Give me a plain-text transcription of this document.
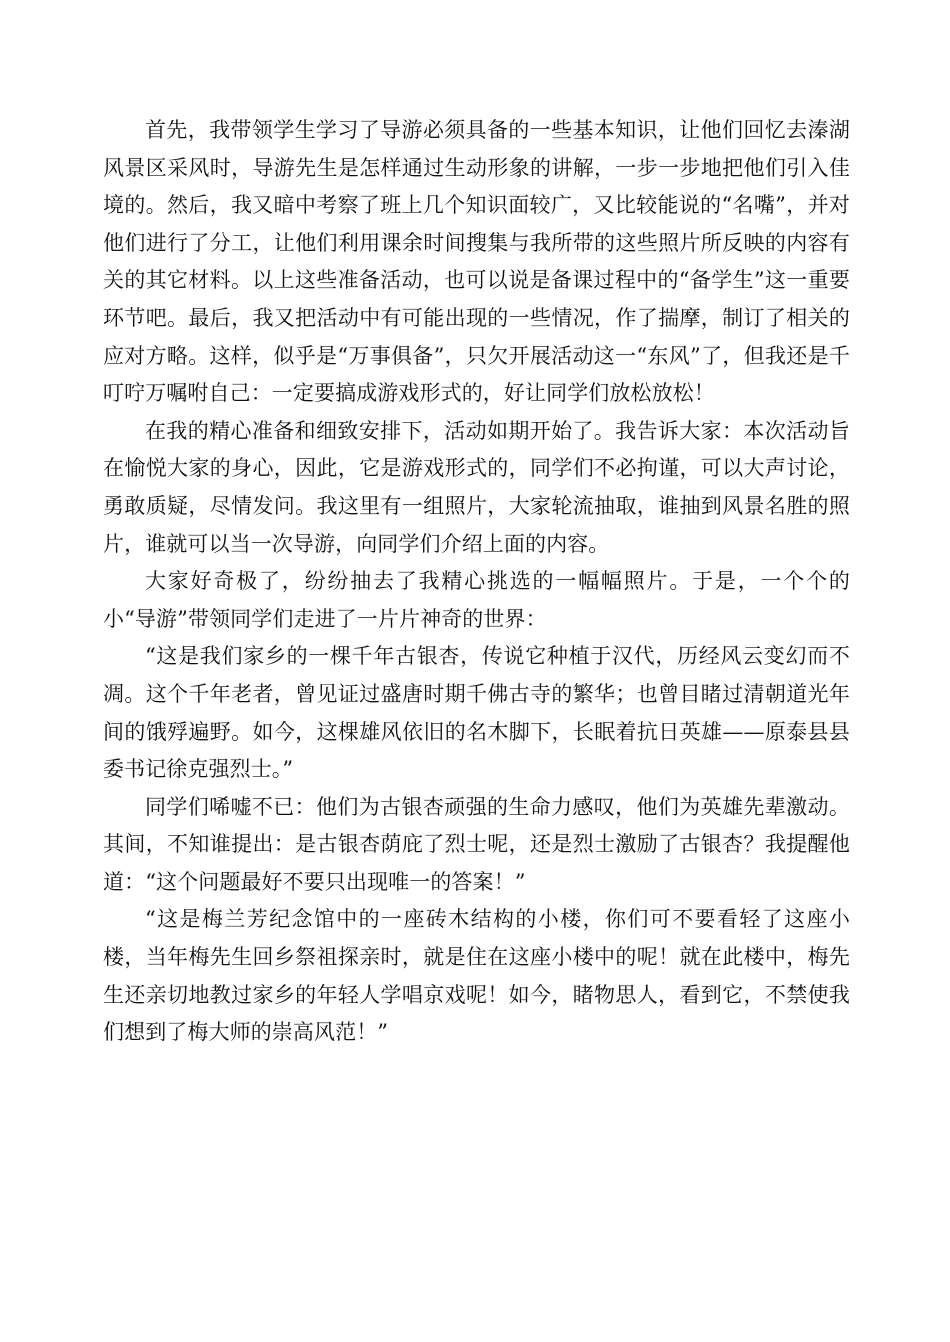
首先，我带领学生学习了导游必须具备的一些基本知识，让他们回忆去溱湖风景区采风时，导游先生是怎样通过生动形象的讲解，一步一步地把他们引入佳境的。然后，我又暗中考察了班上几个知识面较广，又比较能说的“名嘴”，并对他们进行了分工，让他们利用课余时间搜集与我所带的这些照片所反映的内容有关的其它材料。以上这些准备活动，也可以说是备课过程中的“备学生”这一重要环节吧。最后，我又把活动中有可能出现的一些情况，作了揣摩，制订了相关的应对方略。这样，似乎是“万事俱备”，只欠开展活动这一“东风”了，但我还是千叮咛万嘱咐自己：一定要搞成游戏形式的，好让同学们放松放松！

在我的精心准备和细致安排下，活动如期开始了。我告诉大家：本次活动旨在愉悦大家的身心，因此，它是游戏形式的，同学们不必拘谨，可以大声讨论，勇敢质疑，尽情发问。我这里有一组照片，大家轮流抽取，谁抽到风景名胜的照片，谁就可以当一次导游，向同学们介绍上面的内容。

大家好奇极了，纷纷抽去了我精心挑选的一幅幅照片。于是，一个个的小“导游”带领同学们走进了一片片神奇的世界：

“这是我们家乡的一棵千年古银杏，传说它种植于汉代，历经风云变幻而不凋。这个千年老者，曾见证过盛唐时期千佛古寺的繁华；也曾目睹过清朝道光年间的饿殍遍野。如今，这棵雄风依旧的名木脚下，长眠着抗日英雄——原泰县县委书记徐克强烈士。”

同学们唏嘘不已：他们为古银杏顽强的生命力感叹，他们为英雄先辈激动。其间，不知谁提出：是古银杏荫庇了烈士呢，还是烈士激励了古银杏？我提醒他道：“这个问题最好不要只出现唯一的答案！”

“这是梅兰芳纪念馆中的一座砖木结构的小楼，你们可不要看轻了这座小楼，当年梅先生回乡祭祖探亲时，就是住在这座小楼中的呢！就在此楼中，梅先生还亲切地教过家乡的年轻人学唱京戏呢！如今，睹物思人，看到它，不禁使我们想到了梅大师的崇高风范！”
